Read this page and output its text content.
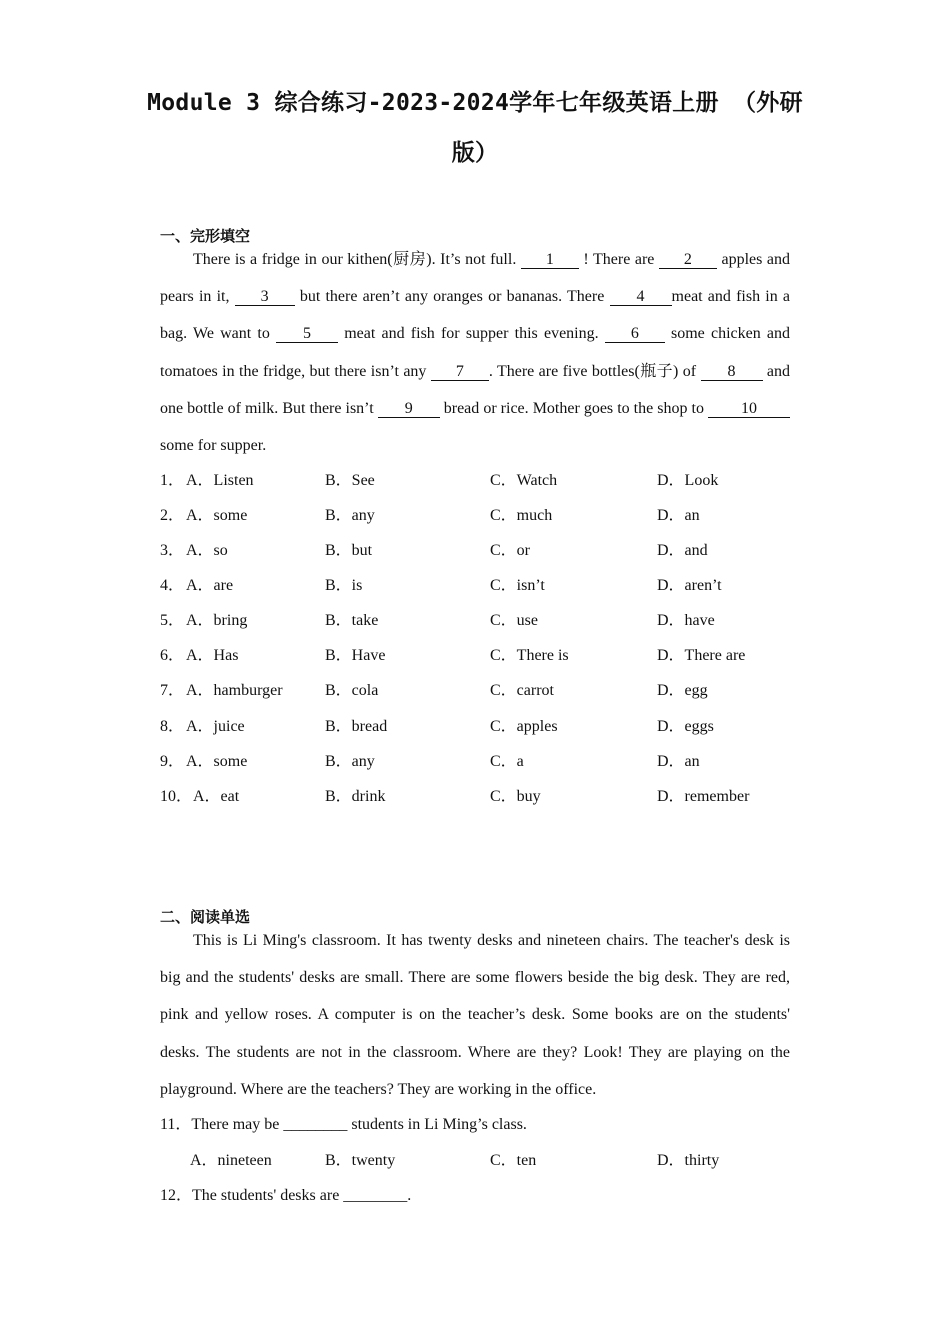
Module 3 综合练习-2023-2024学年七年级英语上册 （外研
版）
一、完形填空
There is a fridge in our kithen(厨房). It’s not full. 1 ! There are 2 apples and pears in it, 3 but there aren’t any oranges or bananas. There 4 meat and fish in a bag. We want to 5 meat and fish for supper this evening. 6 some chicken and tomatoes in the fridge, but there isn’t any 7 . There are five bottles(瓶子) of 8 and one bottle of milk. But there isn’t 9 bread or rice. Mother goes to the shop to 10 some for supper.
1． A．Listen	B．See	C．Watch	D．Look
2． A．some	B．any	C．much	D．an
3． A．so	B．but	C．or	D．and
4． A．are	B．is	C．isn’t	D．aren’t
5． A．bring	B．take	C．use	D．have
6． A．Has	B．Have	C．There is	D．There are
7． A．hamburger	B．cola	C．carrot	D．egg
8． A．juice	B．bread	C．apples	D．eggs
9． A．some	B．any	C．a	D．an
10． A．eat	B．drink	C．buy	D．remember
二、阅读单选
This is Li Ming's classroom. It has twenty desks and nineteen chairs. The teacher's desk is big and the students' desks are small. There are some flowers beside the big desk. They are red, pink and yellow roses. A computer is on the teacher’s desk. Some books are on the students' desks. The students are not in the classroom. Where are they? Look! They are playing on the playground. Where are the teachers? They are working in the office.
11．There may be ________ students in Li Ming’s class.
A．nineteen	B．twenty	C．ten	D．thirty
12．The students' desks are ________.
